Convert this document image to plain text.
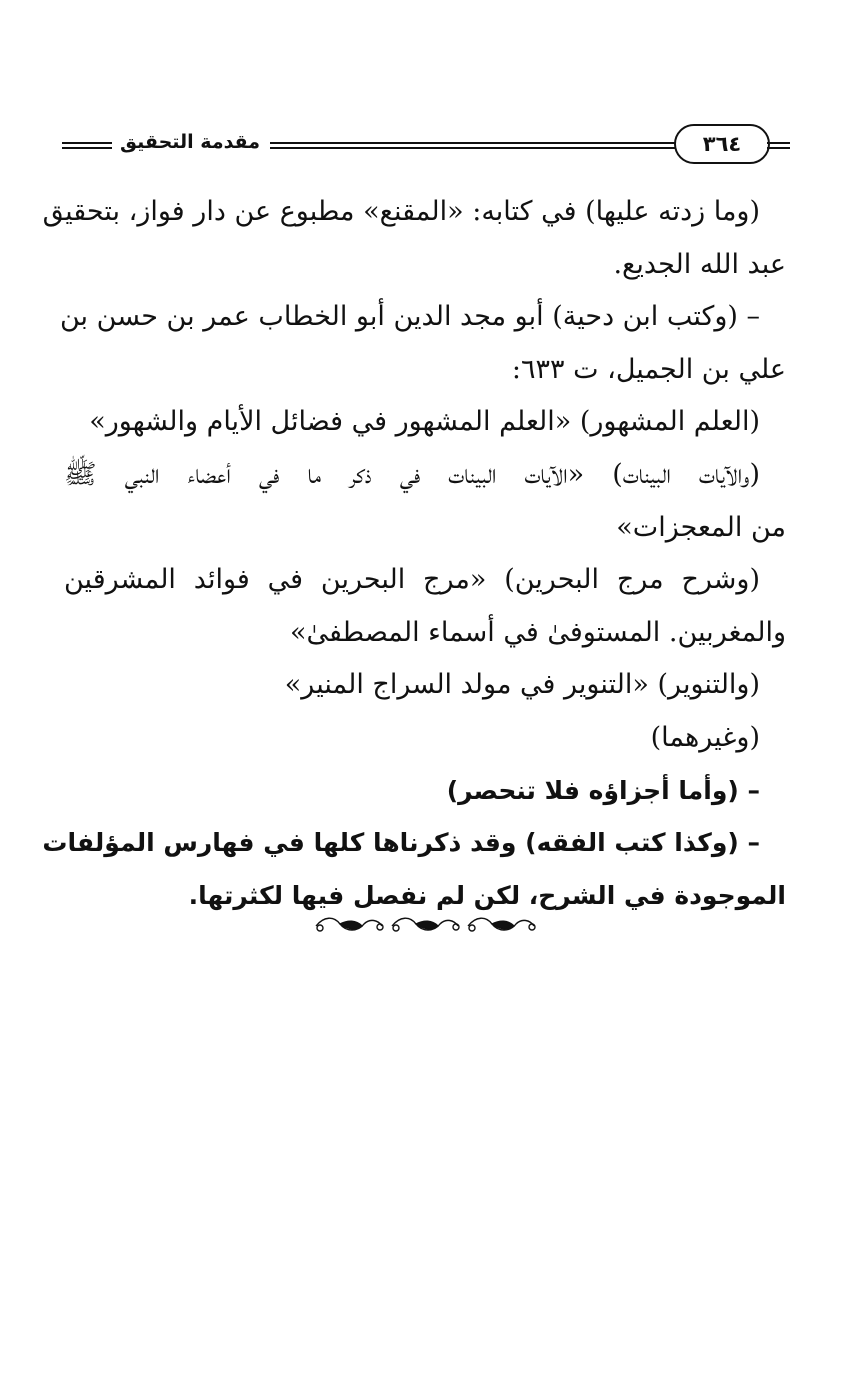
مقدمة التحقيق	٣٦٤
(وما زدته عليها) في كتابه: «المقنع» مطبوع عن دار فواز، بتحقيق
عبد الله الجديع.
– (وكتب ابن دحية) أبو مجد الدين أبو الخطاب عمر بن حسن بن
علي بن الجميل، ت ٦٣٣:
(العلم المشهور) «العلم المشهور في فضائل الأيام والشهور»
(والآيات البينات) «الآيات البينات في ذكر ما في أعضاء النبي ﷺ
من المعجزات»
(وشرح مرج البحرين) «مرج البحرين في فوائد المشرقين
والمغربين. المستوفىٰ في أسماء المصطفىٰ»
(والتنوير) «التنوير في مولد السراج المنير»
(وغيرهما)
– (وأما أجزاؤه فلا تنحصر)
– (وكذا كتب الفقه) وقد ذكرناها كلها في فهارس المؤلفات
الموجودة في الشرح، لكن لم نفصل فيها لكثرتها.
